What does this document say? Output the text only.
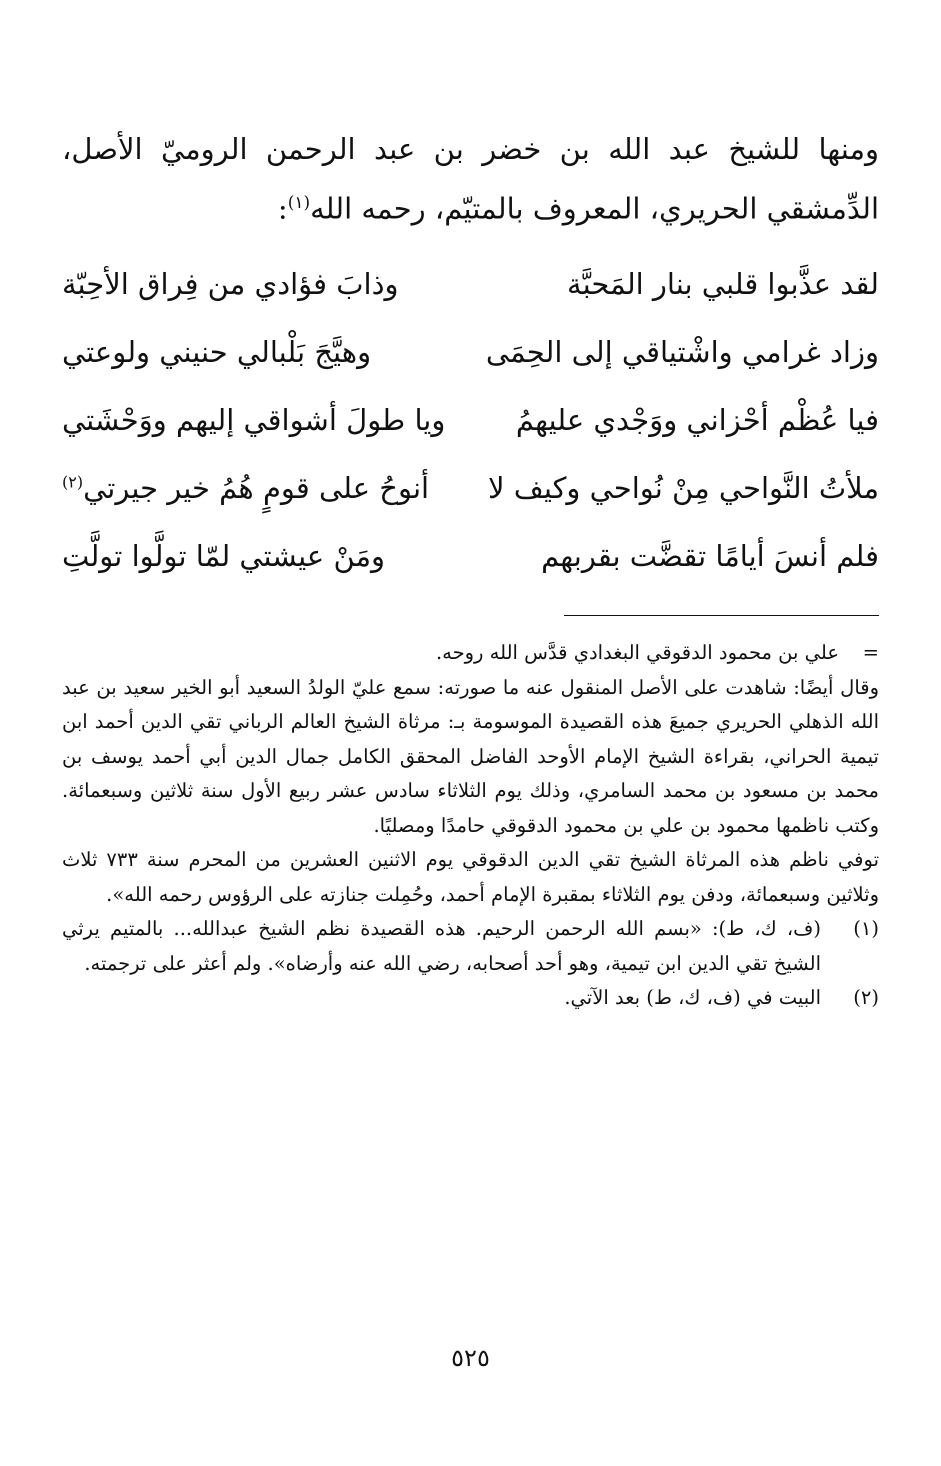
ومنها للشيخ عبد الله بن خضر بن عبد الرحمن الروميّ الأصل، الدِّمشقي الحريري، المعروف بالمتيّم، رحمه الله$^{(١)}$:
لقد عذَّبوا قلبي بنار المَحبَّة
وذابَ فؤادي من فِراق الأحِبّة
وزاد غرامي واشْتياقي إلى الحِمَى
وهيَّجَ بَلْبالي حنيني ولوعتي
فيا عُظْم أحْزاني ووَجْدي عليهمُ
ويا طولَ أشواقي إليهم ووَحْشَتي
ملأتُ النَّواحي مِنْ نُواحي وكيف لا
أنوحُ على قومٍ هُمُ خير جيرتي$^{(٢)}$
فلم أنسَ أيامًا تقضَّت بقربهم
ومَنْ عيشتي لمّا تولَّوا تولَّتِ

=
علي بن محمود الدقوقي البغدادي قدَّس الله روحه.

وقال أيضًا: شاهدت على الأصل المنقول عنه ما صورته: سمع عليّ الولدُ السعيد أبو الخير سعيد بن عبد الله الذهلي الحريري جميعَ هذه القصيدة الموسومة بـ: مرثاة الشيخ العالم الرباني تقي الدين أحمد ابن تيمية الحراني، بقراءة الشيخ الإمام الأوحد الفاضل المحقق الكامل جمال الدين أبي أحمد يوسف بن محمد بن مسعود بن محمد السامري، وذلك يوم الثلاثاء سادس عشر ربيع الأول سنة ثلاثين وسبعمائة. وكتب ناظمها محمود بن علي بن محمود الدقوقي حامدًا ومصليًا.

توفي ناظم هذه المرثاة الشيخ تقي الدين الدقوقي يوم الاثنين العشرين من المحرم سنة ٧٣٣ ثلاث وثلاثين وسبعمائة، ودفن يوم الثلاثاء بمقبرة الإمام أحمد، وحُمِلت جنازته على الرؤوس رحمه الله».

(١)
(ف، ك، ط): «بسم الله الرحمن الرحيم. هذه القصيدة نظم الشيخ عبدالله... بالمتيم يرثي الشيخ تقي الدين ابن تيمية، وهو أحد أصحابه، رضي الله عنه وأرضاه». ولم أعثر على ترجمته.
(٢)
البيت في (ف، ك، ط) بعد الآتي.
٥٢٥
